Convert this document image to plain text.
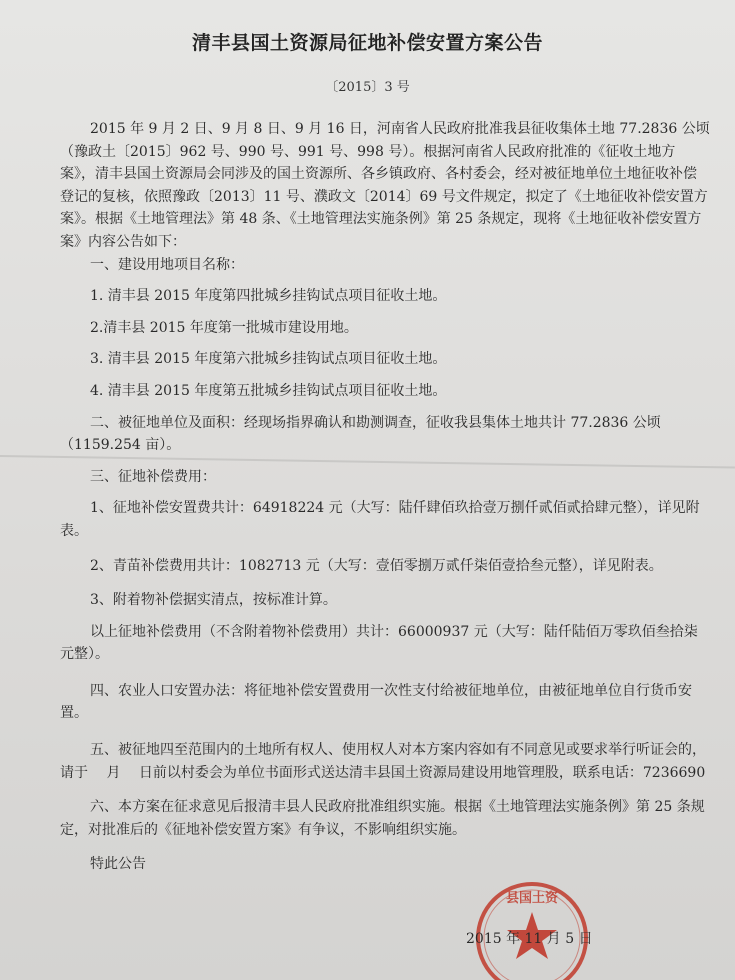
清丰县国土资源局征地补偿安置方案公告
〔2015〕3 号

2015 年 9 月 2 日、9 月 8 日、9 月 16 日，河南省人民政府批准我县征收集体土地 77.2836 公顷（豫政土〔2015〕962 号、990 号、991 号、998 号）。根据河南省人民政府批准的《征收土地方案》，清丰县国土资源局会同涉及的国土资源所、各乡镇政府、各村委会，经对被征地单位土地征收补偿登记的复核，依照豫政〔2013〕11 号、濮政文〔2014〕69 号文件规定，拟定了《土地征收补偿安置方案》。根据《土地管理法》第 48 条、《土地管理法实施条例》第 25 条规定，现将《土地征收补偿安置方案》内容公告如下：

一、建设用地项目名称：

1. 清丰县 2015 年度第四批城乡挂钩试点项目征收土地。

2.清丰县 2015 年度第一批城市建设用地。

3. 清丰县 2015 年度第六批城乡挂钩试点项目征收土地。

4. 清丰县 2015 年度第五批城乡挂钩试点项目征收土地。

二、被征地单位及面积：经现场指界确认和勘测调查，征收我县集体土地共计 77.2836 公顷（1159.254 亩）。

三、征地补偿费用：

1、征地补偿安置费共计：64918224 元（大写：陆仟肆佰玖拾壹万捌仟贰佰贰拾肆元整），详见附表。

2、青苗补偿费用共计：1082713 元（大写：壹佰零捌万贰仟柒佰壹拾叁元整），详见附表。

3、附着物补偿据实清点，按标准计算。

以上征地补偿费用（不含附着物补偿费用）共计：66000937 元（大写：陆仟陆佰万零玖佰叁拾柒元整）。

四、农业人口安置办法：将征地补偿安置费用一次性支付给被征地单位，由被征地单位自行货币安置。

五、被征地四至范围内的土地所有权人、使用权人对本方案内容如有不同意见或要求举行听证会的，请于　 月　 日前以村委会为单位书面形式送达清丰县国土资源局建设用地管理股，联系电话：7236690

六、本方案在征求意见后报清丰县人民政府批准组织实施。根据《土地管理法实施条例》第 25 条规定，对批准后的《征地补偿安置方案》有争议，不影响组织实施。

特此公告

县国土资
2015 年 11 月 5 日
